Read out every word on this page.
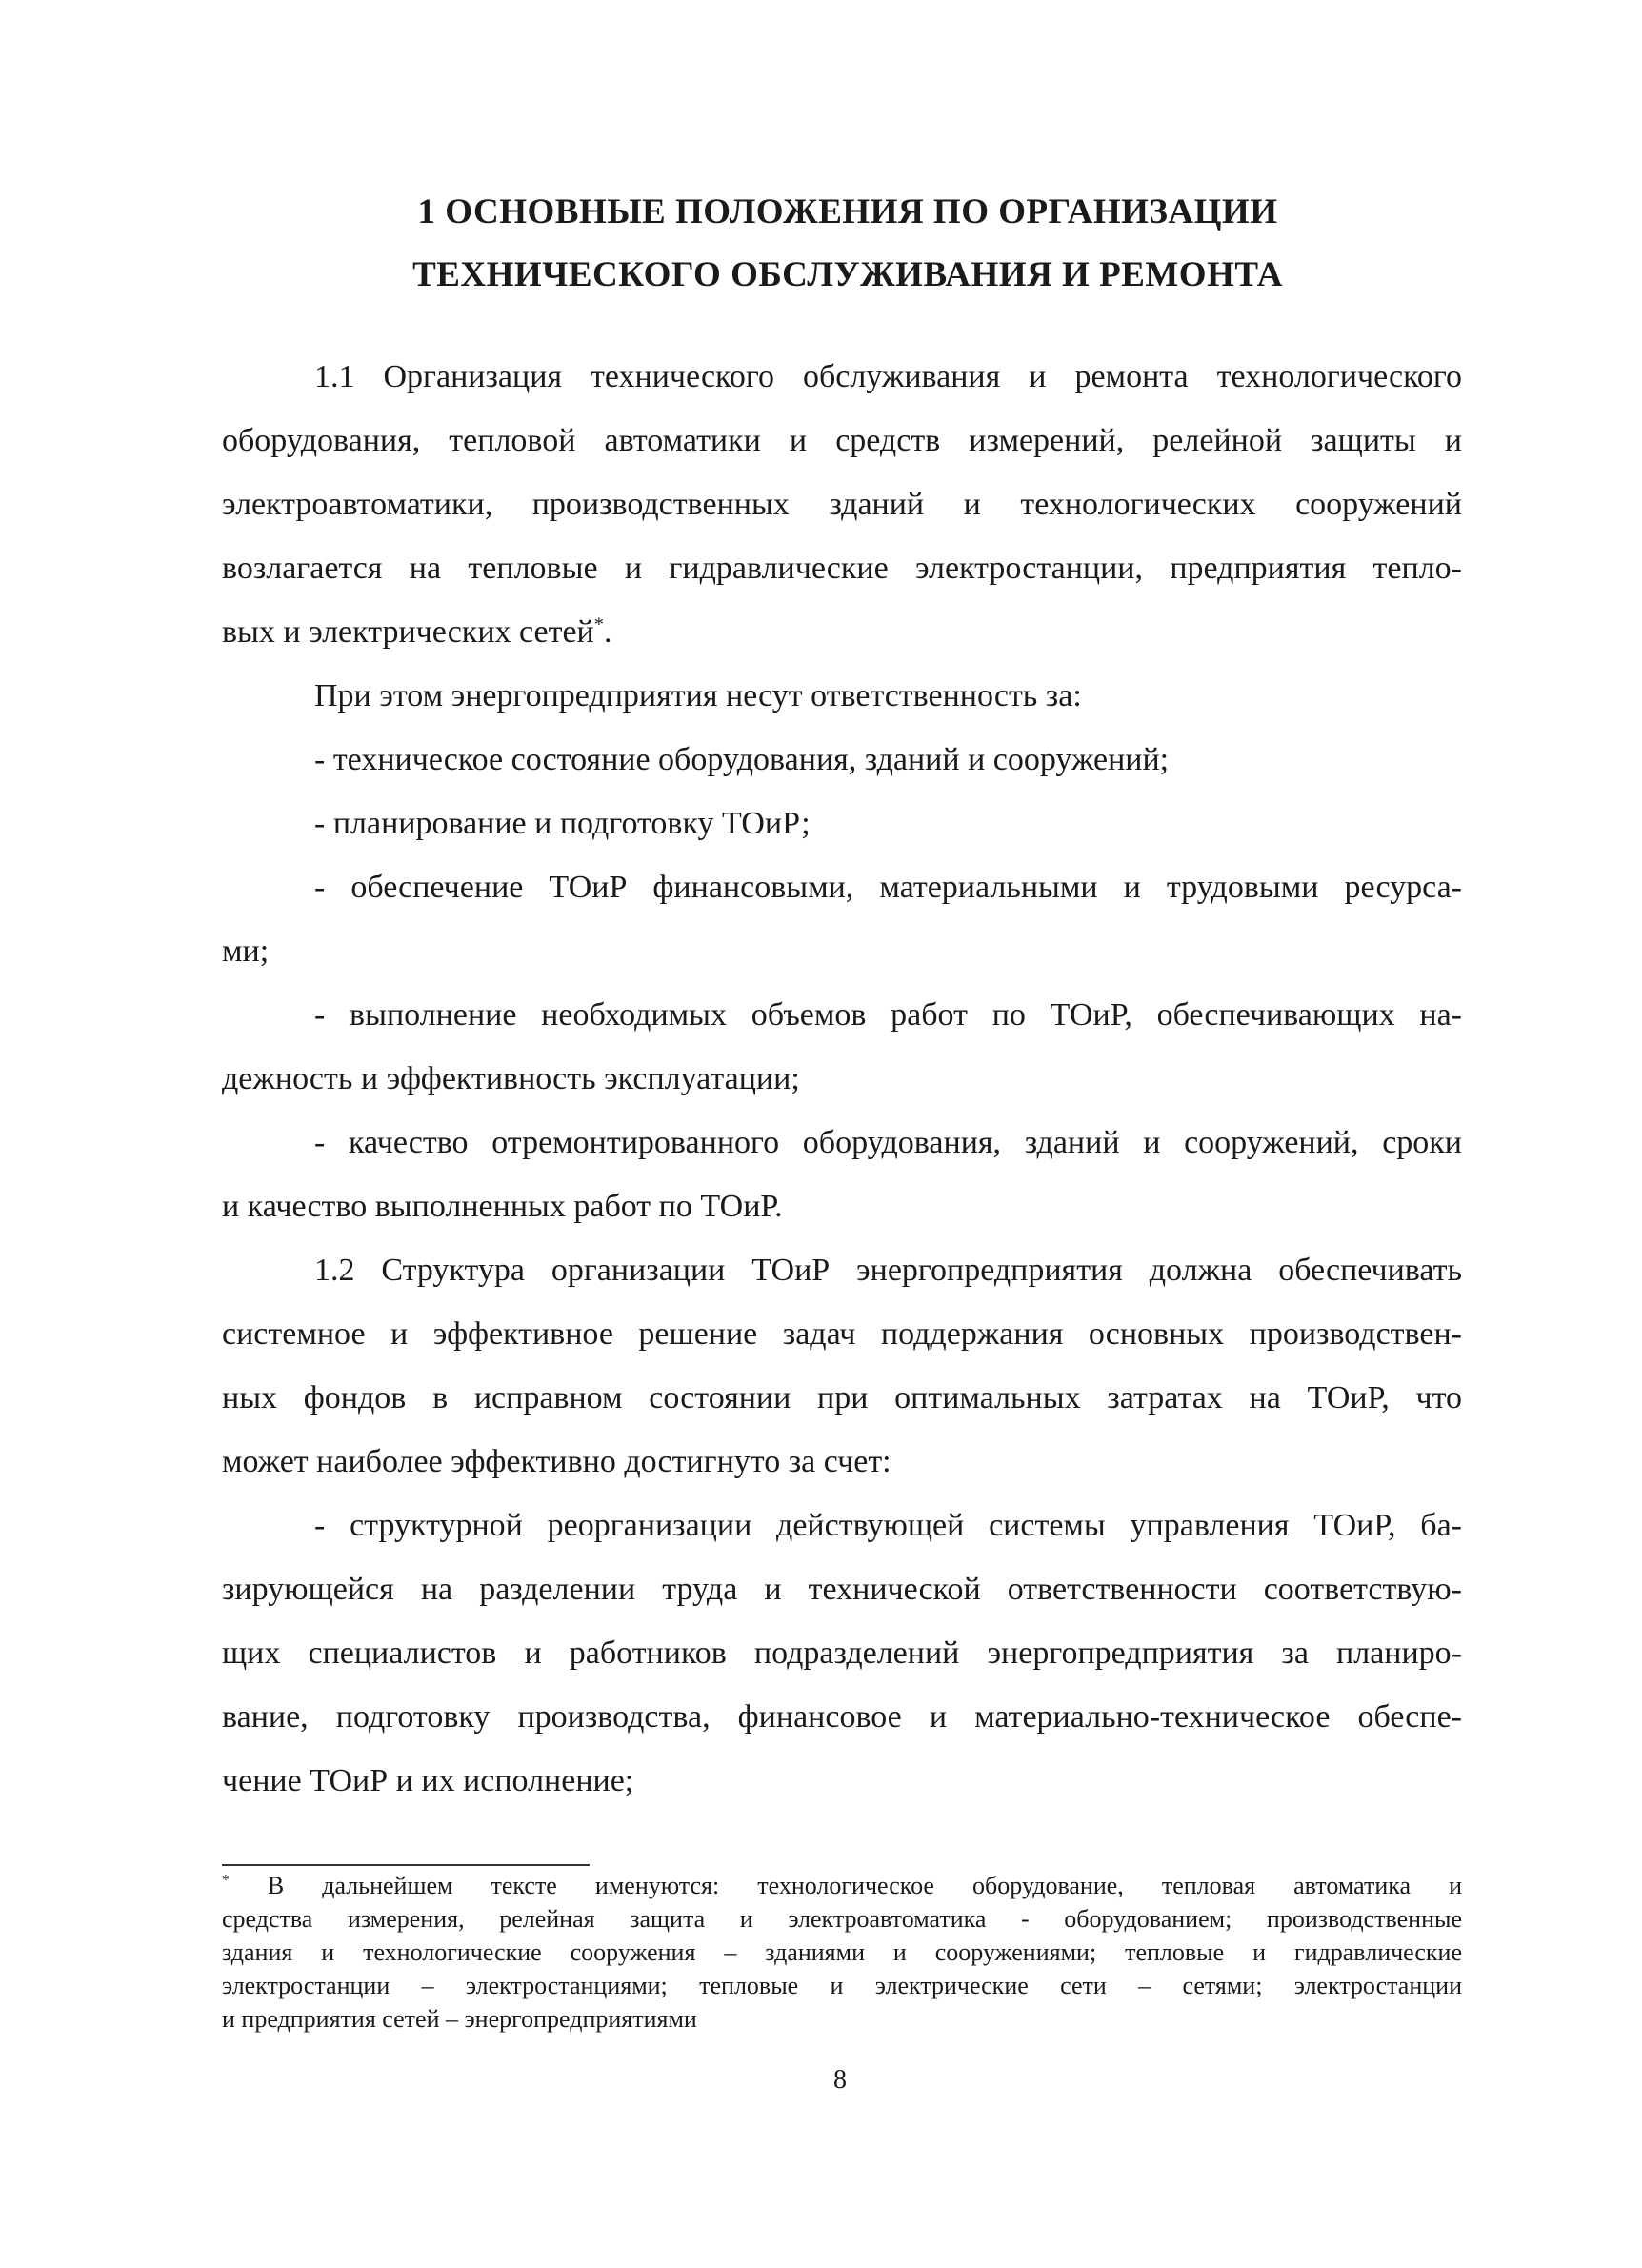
1 ОСНОВНЫЕ ПОЛОЖЕНИЯ ПО ОРГАНИЗАЦИИ
ТЕХНИЧЕСКОГО ОБСЛУЖИВАНИЯ И РЕМОНТА
1.1 Организация технического обслуживания и ремонта технологического
оборудования, тепловой автоматики и средств измерений, релейной защиты и
электроавтоматики, производственных зданий и технологических сооружений
возлагается на тепловые и гидравлические электростанции, предприятия тепло-
вых и электрических сетей*.
При этом энергопредприятия несут ответственность за:
- техническое состояние оборудования, зданий и сооружений;
- планирование и подготовку ТОиР;
- обеспечение ТОиР финансовыми, материальными и трудовыми ресурса-
ми;
- выполнение необходимых объемов работ по ТОиР, обеспечивающих на-
дежность и эффективность эксплуатации;
- качество отремонтированного оборудования, зданий и сооружений, сроки
и качество выполненных работ по ТОиР.
1.2 Структура организации ТОиР энергопредприятия должна обеспечивать
системное и эффективное решение задач поддержания основных производствен-
ных фондов в исправном состоянии при оптимальных затратах на ТОиР, что
может наиболее эффективно достигнуто за счет:
- структурной реорганизации действующей системы управления ТОиР, ба-
зирующейся на разделении труда и технической ответственности соответствую-
щих специалистов и работников подразделений энергопредприятия за планиро-
вание, подготовку производства, финансовое и материально-техническое обеспе-
чение ТОиР и их исполнение;
* В дальнейшем тексте именуются: технологическое оборудование, тепловая автоматика и
средства измерения, релейная защита и электроавтоматика - оборудованием; производственные
здания и технологические сооружения – зданиями и сооружениями; тепловые и гидравлические
электростанции – электростанциями; тепловые и электрические сети – сетями; электростанции
и предприятия сетей – энергопредприятиями
8
